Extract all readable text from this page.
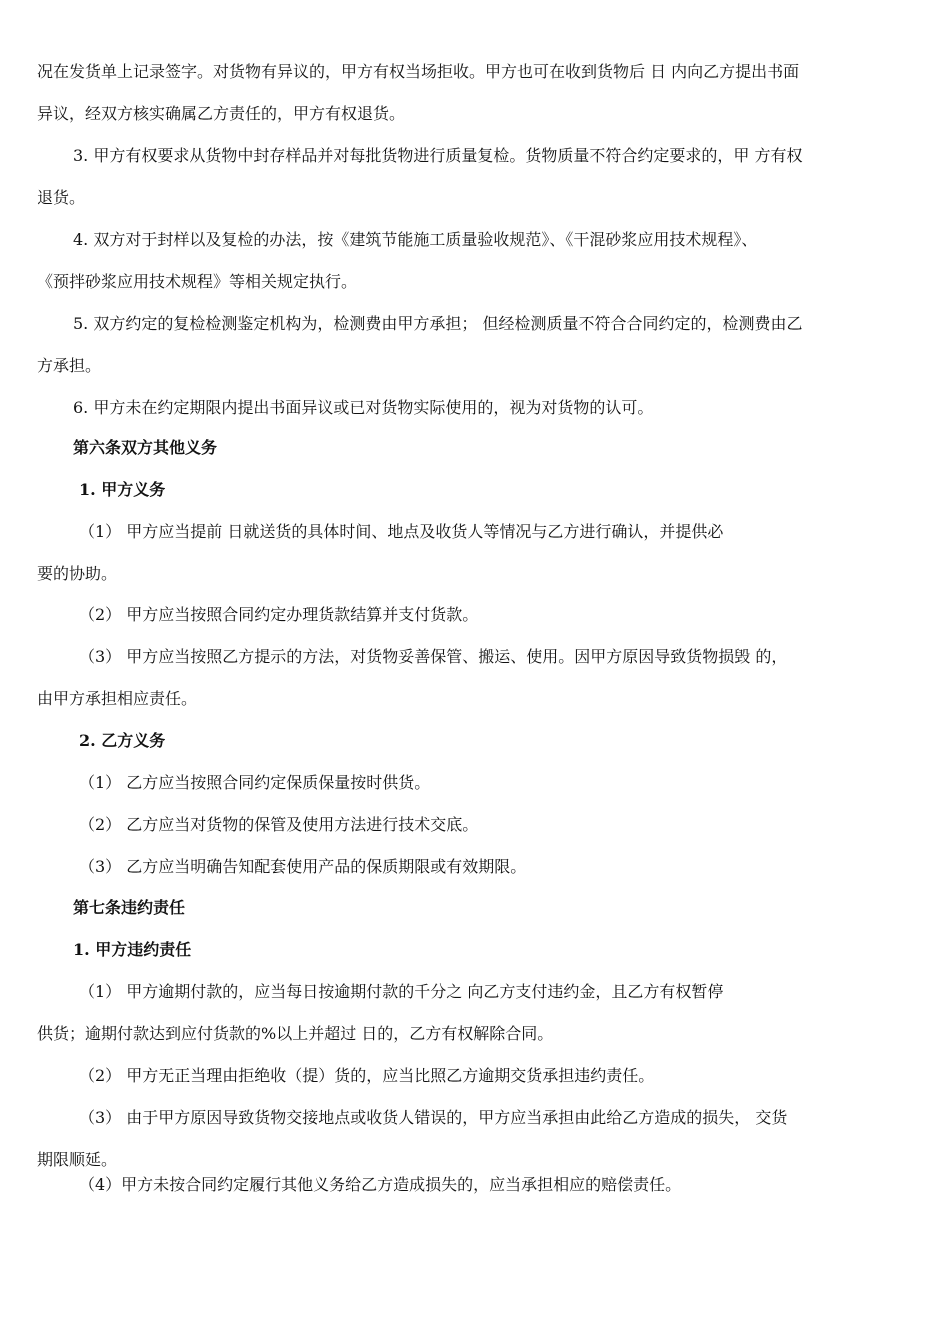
况在发货单上记录签字。对货物有异议的，甲方有权当场拒收。甲方也可在收到货物后 日 内向乙方提出书面
异议，经双方核实确属乙方责任的，甲方有权退货。
3. 甲方有权要求从货物中封存样品并对每批货物进行质量复检。货物质量不符合约定要求的，甲 方有权
退货。
4. 双方对于封样以及复检的办法，按《建筑节能施工质量验收规范》、《干混砂浆应用技术规程》、
《预拌砂浆应用技术规程》等相关规定执行。
5. 双方约定的复检检测鉴定机构为，检测费由甲方承担； 但经检测质量不符合合同约定的，检测费由乙
方承担。
6. 甲方未在约定期限内提出书面异议或已对货物实际使用的，视为对货物的认可。
第六条双方其他义务
1. 甲方义务
（1） 甲方应当提前 日就送货的具体时间、地点及收货人等情况与乙方进行确认，并提供必
要的协助。
（2） 甲方应当按照合同约定办理货款结算并支付货款。
（3） 甲方应当按照乙方提示的方法，对货物妥善保管、搬运、使用。因甲方原因导致货物损毁 的，
由甲方承担相应责任。
2. 乙方义务
（1） 乙方应当按照合同约定保质保量按时供货。
（2） 乙方应当对货物的保管及使用方法进行技术交底。
（3） 乙方应当明确告知配套使用产品的保质期限或有效期限。
第七条违约责任
1. 甲方违约责任
（1） 甲方逾期付款的，应当每日按逾期付款的千分之 向乙方支付违约金，且乙方有权暂停
供货；逾期付款达到应付货款的%以上并超过 日的，乙方有权解除合同。
（2） 甲方无正当理由拒绝收（提）货的，应当比照乙方逾期交货承担违约责任。
（3） 由于甲方原因导致货物交接地点或收货人错误的，甲方应当承担由此给乙方造成的损失， 交货
期限顺延。
（4）甲方未按合同约定履行其他义务给乙方造成损失的，应当承担相应的赔偿责任。
